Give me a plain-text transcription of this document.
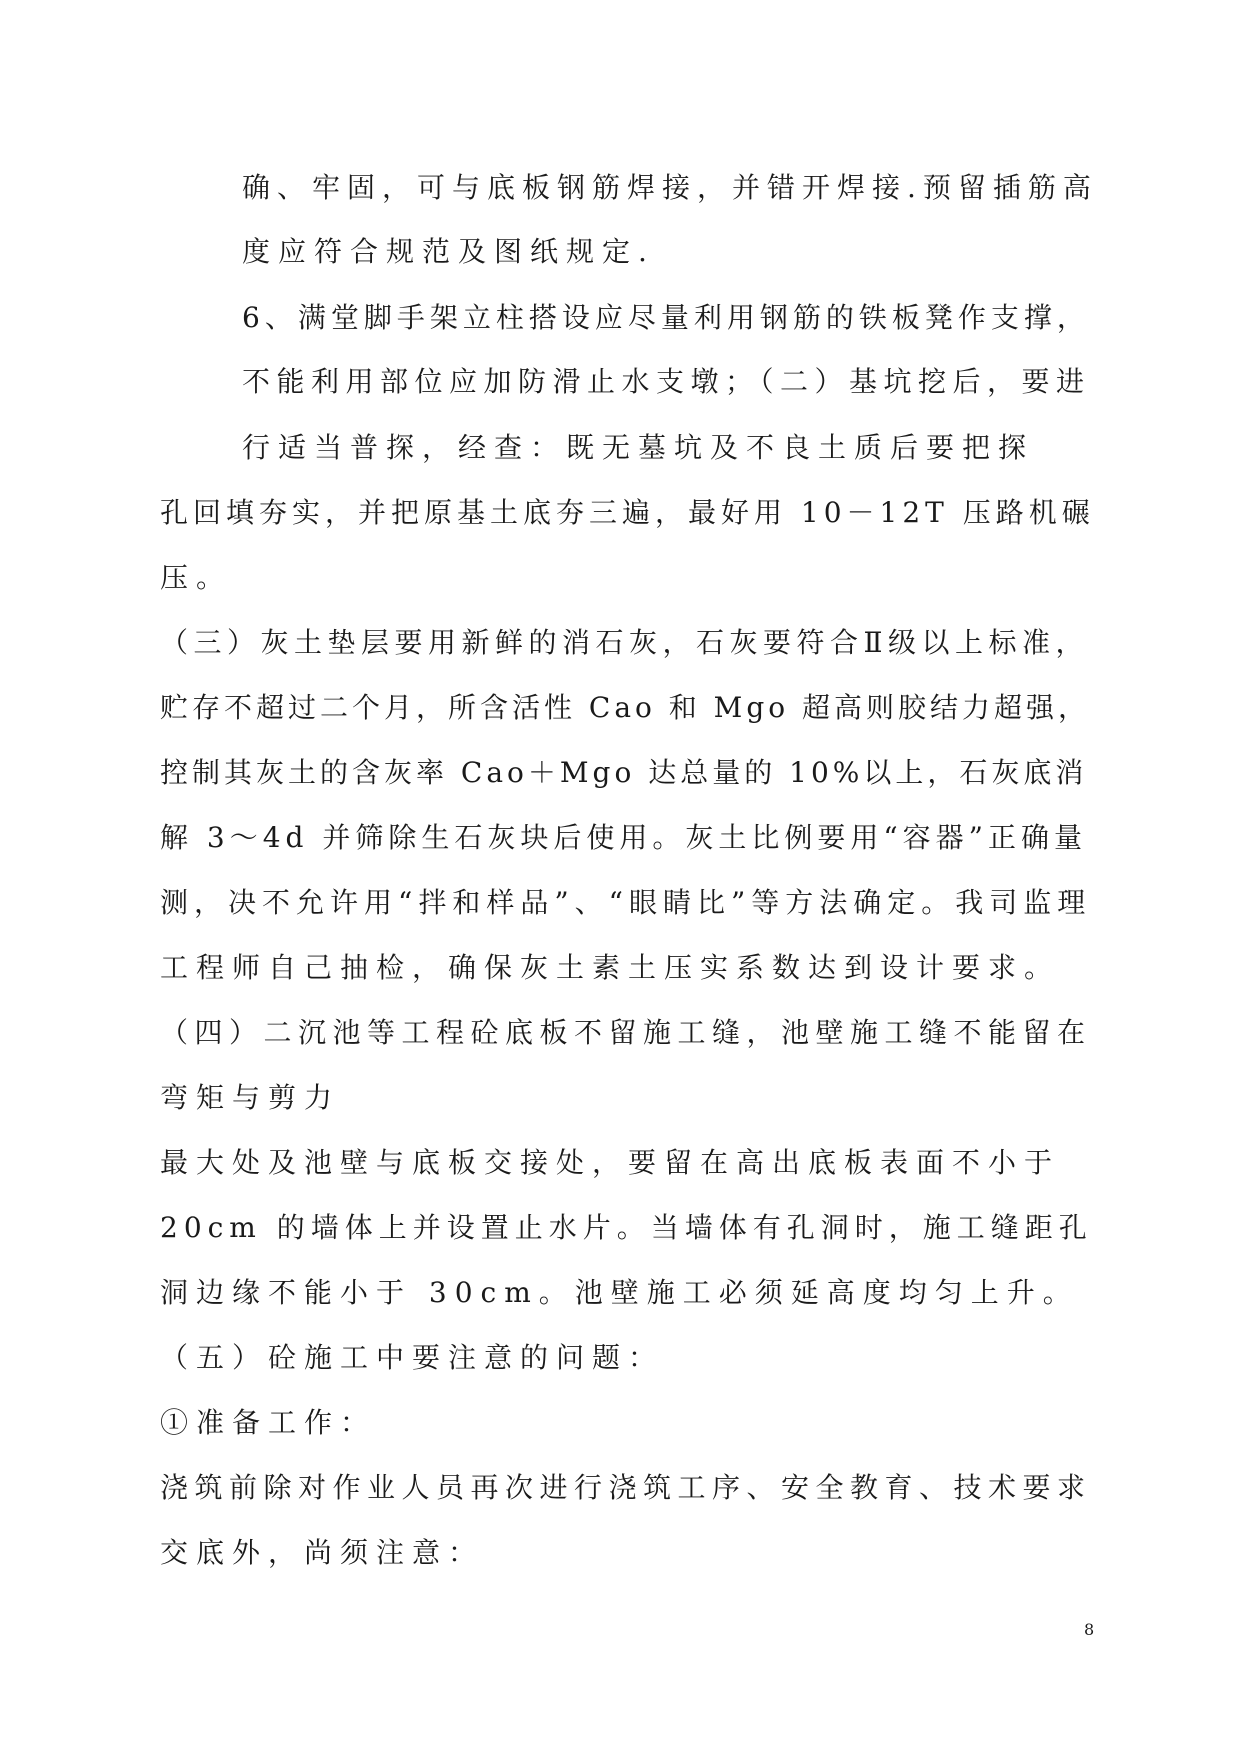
确、牢固，可与底板钢筋焊接，并错开焊接.预留插筋高
度应符合规范及图纸规定.
6、满堂脚手架立柱搭设应尽量利用钢筋的铁板凳作支撑，
不能利用部位应加防滑止水支墩；（二）基坑挖后，要进
行适当普探，经查：既无墓坑及不良土质后要把探
孔回填夯实，并把原基土底夯三遍，最好用 10－12T 压路机碾
压。
（三）灰土垫层要用新鲜的消石灰，石灰要符合Ⅱ级以上标准，
贮存不超过二个月，所含活性 Cao 和 Mgo 超高则胶结力超强，
控制其灰土的含灰率 Cao＋Mgo 达总量的 10%以上，石灰底消
解 3～4d 并筛除生石灰块后使用。灰土比例要用“容器”正确量
测，决不允许用“拌和样品”、“眼睛比”等方法确定。我司监理
工程师自己抽检，确保灰土素土压实系数达到设计要求。
（四）二沉池等工程砼底板不留施工缝，池壁施工缝不能留在
弯矩与剪力
最大处及池壁与底板交接处，要留在高出底板表面不小于
20cm 的墙体上并设置止水片。当墙体有孔洞时，施工缝距孔
洞边缘不能小于 30cm。池壁施工必须延高度均匀上升。
（五）砼施工中要注意的问题：
①准备工作：
浇筑前除对作业人员再次进行浇筑工序、安全教育、技术要求
交底外，尚须注意：
8
